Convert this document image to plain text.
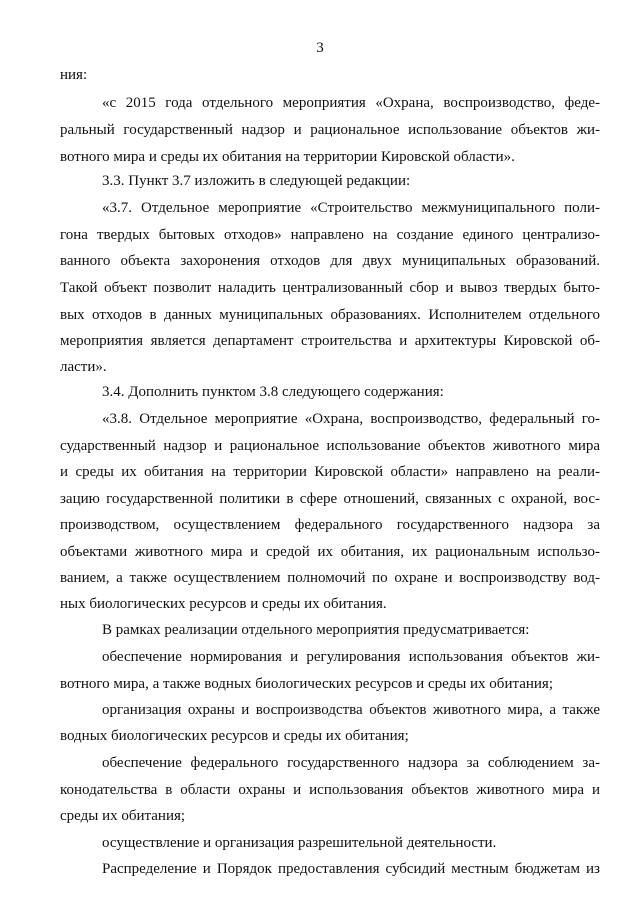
3
ния:
«с 2015 года отдельного мероприятия «Охрана, воспроизводство, феде-
ральный государственный надзор и рациональное использование объектов жи-
вотного мира и среды их обитания на территории Кировской области».
3.3. Пункт 3.7 изложить в следующей редакции:
«3.7. Отдельное мероприятие «Строительство межмуниципального поли-
гона твердых бытовых отходов» направлено на создание единого централизо-
ванного объекта захоронения отходов для двух муниципальных образований.
Такой объект позволит наладить централизованный сбор и вывоз твердых быто-
вых отходов в данных муниципальных образованиях. Исполнителем отдельного
мероприятия является департамент строительства и архитектуры Кировской об-
ласти».
3.4. Дополнить пунктом 3.8 следующего содержания:
«3.8. Отдельное мероприятие «Охрана, воспроизводство, федеральный го-
сударственный надзор и рациональное использование объектов животного мира
и среды их обитания на территории Кировской области» направлено на реали-
зацию государственной политики в сфере отношений, связанных с охраной, вос-
производством, осуществлением федерального государственного надзора за
объектами животного мира и средой их обитания, их рациональным использо-
ванием, а также осуществлением полномочий по охране и воспроизводству вод-
ных биологических ресурсов и среды их обитания.
В рамках реализации отдельного мероприятия предусматривается:
обеспечение нормирования и регулирования использования объектов жи-
вотного мира, а также водных биологических ресурсов и среды их обитания;
организация охраны и воспроизводства объектов животного мира, а также
водных биологических ресурсов и среды их обитания;
обеспечение федерального государственного надзора за соблюдением за-
конодательства в области охраны и использования объектов животного мира и
среды их обитания;
осуществление и организация разрешительной деятельности.
Распределение и Порядок предоставления субсидий местным бюджетам из
